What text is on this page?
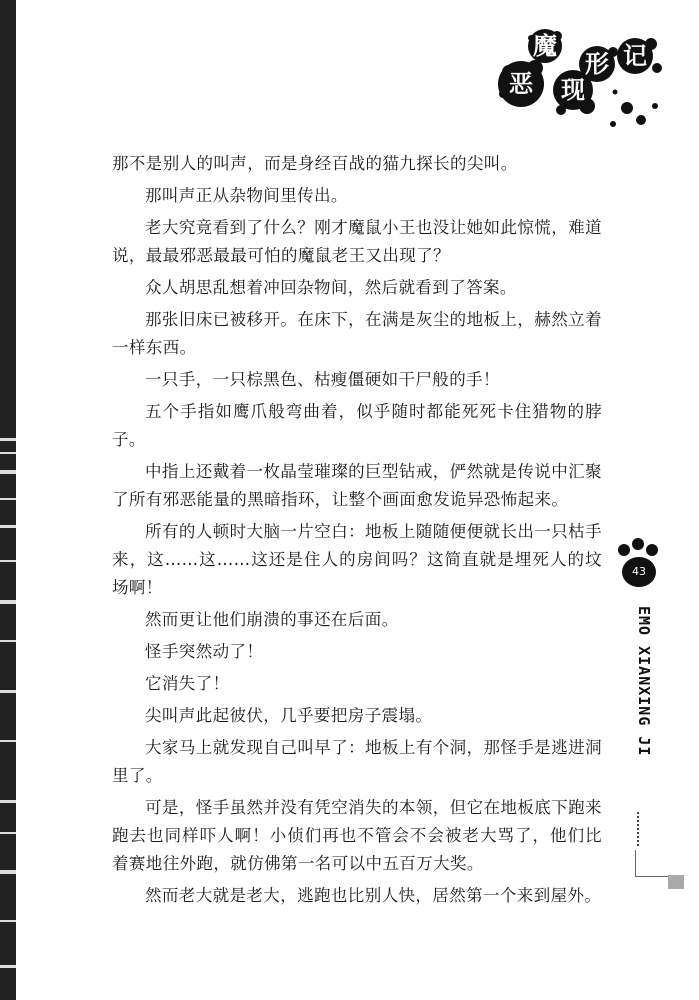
恶
魔
现
形 记

那不是别人的叫声，而是身经百战的猫九探长的尖叫。

那叫声正从杂物间里传出。

老大究竟看到了什么？刚才魔鼠小王也没让她如此惊慌，难道说，最最邪恶最最可怕的魔鼠老王又出现了？

众人胡思乱想着冲回杂物间，然后就看到了答案。

那张旧床已被移开。在床下，在满是灰尘的地板上，赫然立着一样东西。

一只手，一只棕黑色、枯瘦僵硬如干尸般的手！

五个手指如鹰爪般弯曲着，似乎随时都能死死卡住猎物的脖子。

中指上还戴着一枚晶莹璀璨的巨型钻戒，俨然就是传说中汇聚了所有邪恶能量的黑暗指环，让整个画面愈发诡异恐怖起来。

所有的人顿时大脑一片空白：地板上随随便便就长出一只枯手来，这……这……这还是住人的房间吗？这简直就是埋死人的坟场啊！

然而更让他们崩溃的事还在后面。

怪手突然动了！

它消失了！

尖叫声此起彼伏，几乎要把房子震塌。

大家马上就发现自己叫早了：地板上有个洞，那怪手是逃进洞里了。

可是，怪手虽然并没有凭空消失的本领，但它在地板底下跑来跑去也同样吓人啊！小侦们再也不管会不会被老大骂了，他们比着赛地往外跑，就仿佛第一名可以中五百万大奖。

然而老大就是老大，逃跑也比别人快，居然第一个来到屋外。

43
EMO XIANXING JI
